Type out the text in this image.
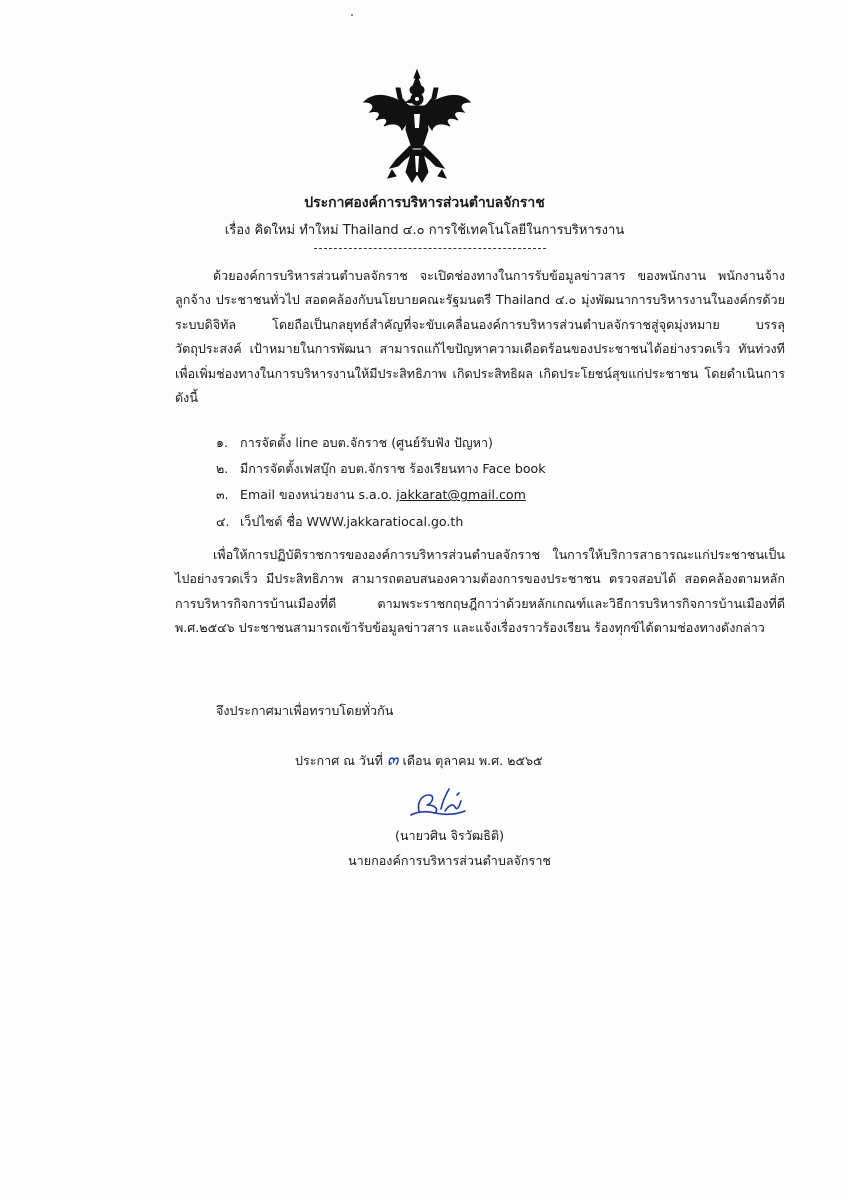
ประกาศองค์การบริหารส่วนตำบลจักราช
เรื่อง คิดใหม่ ทำใหม่ Thailand ๔.๐ การใช้เทคโนโลยีในการบริหารงาน

ด้วยองค์การบริหารส่วนตำบลจักราช จะเปิดช่องทางในการรับข้อมูลข่าวสาร ของพนักงาน พนักงานจ้าง ลูกจ้าง ประชาชนทั่วไป สอดคล้องกับนโยบายคณะรัฐมนตรี Thailand ๔.๐ มุ่งพัฒนาการบริหารงานในองค์กรด้วยระบบดิจิทัล โดยถือเป็นกลยุทธ์สำคัญที่จะขับเคลื่อนองค์การบริหารส่วนตำบลจักราชสู่จุดมุ่งหมาย บรรลุวัตถุประสงค์ เป้าหมายในการพัฒนา สามารถแก้ไขปัญหาความเดือดร้อนของประชาชนได้อย่างรวดเร็ว ทันท่วงที เพื่อเพิ่มช่องทางในการบริหารงานให้มีประสิทธิภาพ เกิดประสิทธิผล เกิดประโยชน์สุขแก่ประชาชน โดยดำเนินการดังนี้

๑. การจัดตั้ง line อบต.จักราช (ศูนย์รับฟัง ปัญหา)
๒. มีการจัดตั้งเฟสบุ๊ก อบต.จักราช ร้องเรียนทาง Face book
๓. Email ของหน่วยงาน s.a.o. jakkarat@gmail.com
๔. เว็ปไซต์ ชื่อ WWW.jakkaratiocal.go.th

เพื่อให้การปฏิบัติราชการขององค์การบริหารส่วนตำบลจักราช ในการให้บริการสาธารณะแก่ประชาชนเป็นไปอย่างรวดเร็ว มีประสิทธิภาพ สามารถตอบสนองความต้องการของประชาชน ตรวจสอบได้ สอดคล้องตามหลักการบริหารกิจการบ้านเมืองที่ดี ตามพระราชกฤษฎีกาว่าด้วยหลักเกณฑ์และวิธีการบริหารกิจการบ้านเมืองที่ดี พ.ศ.๒๕๔๖ ประชาชนสามารถเข้ารับข้อมูลข่าวสาร และแจ้งเรื่องราวร้องเรียน ร้องทุกข์ได้ตามช่องทางดังกล่าว

จึงประกาศมาเพื่อทราบโดยทั่วกัน
ประกาศ ณ วันที่ ๓ เดือน ตุลาคม พ.ศ. ๒๕๖๕
(นายวศิน จิรวัฒธิติ)
นายกองค์การบริหารส่วนตำบลจักราช
